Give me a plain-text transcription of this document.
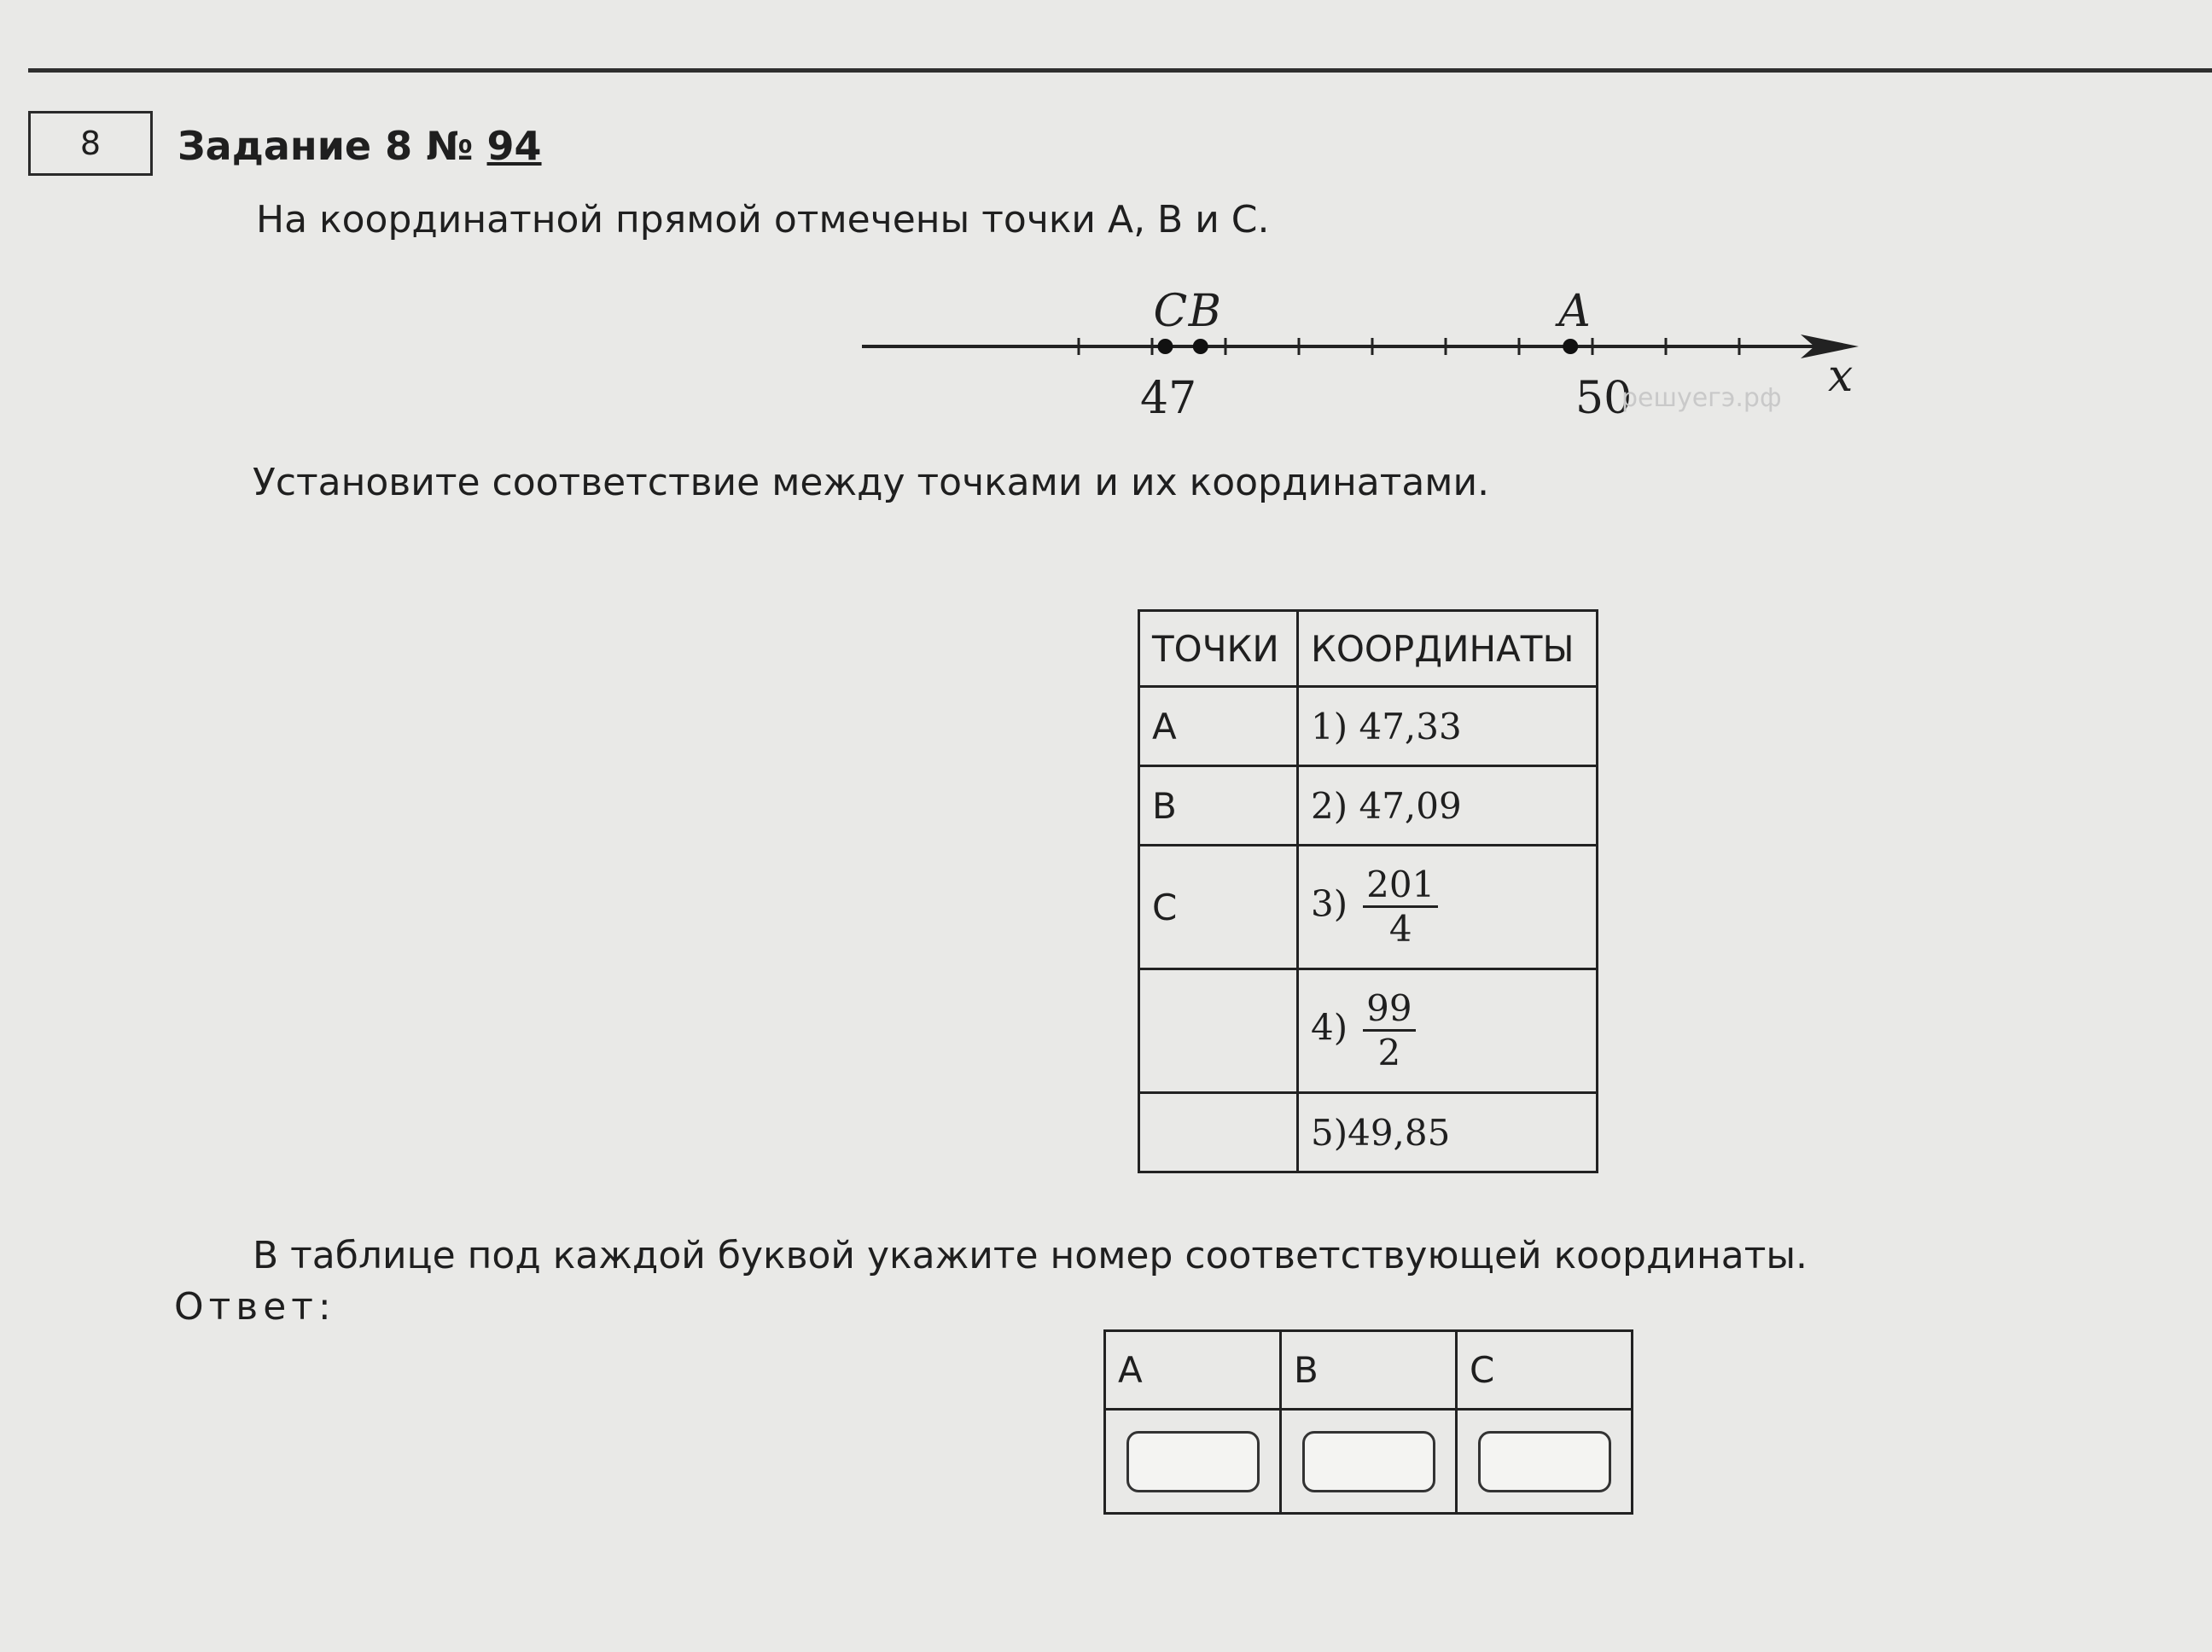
8	Задание 8 № 94
На координатной прямой отмечены точки A, B и C.
C B	A
47	50
решуегэ.рф x
Установите соответствие между точками и их координатами.
ТОЧКИ	КООРДИНАТЫ
A	1) 47,33
B	2) 47,09
C	$3) \frac{201}{4}$

	$4) \frac{99}{2}$

	5)49,85
В таблице под каждой буквой укажите номер соответствующей координаты.
Ответ:
A	B	C
